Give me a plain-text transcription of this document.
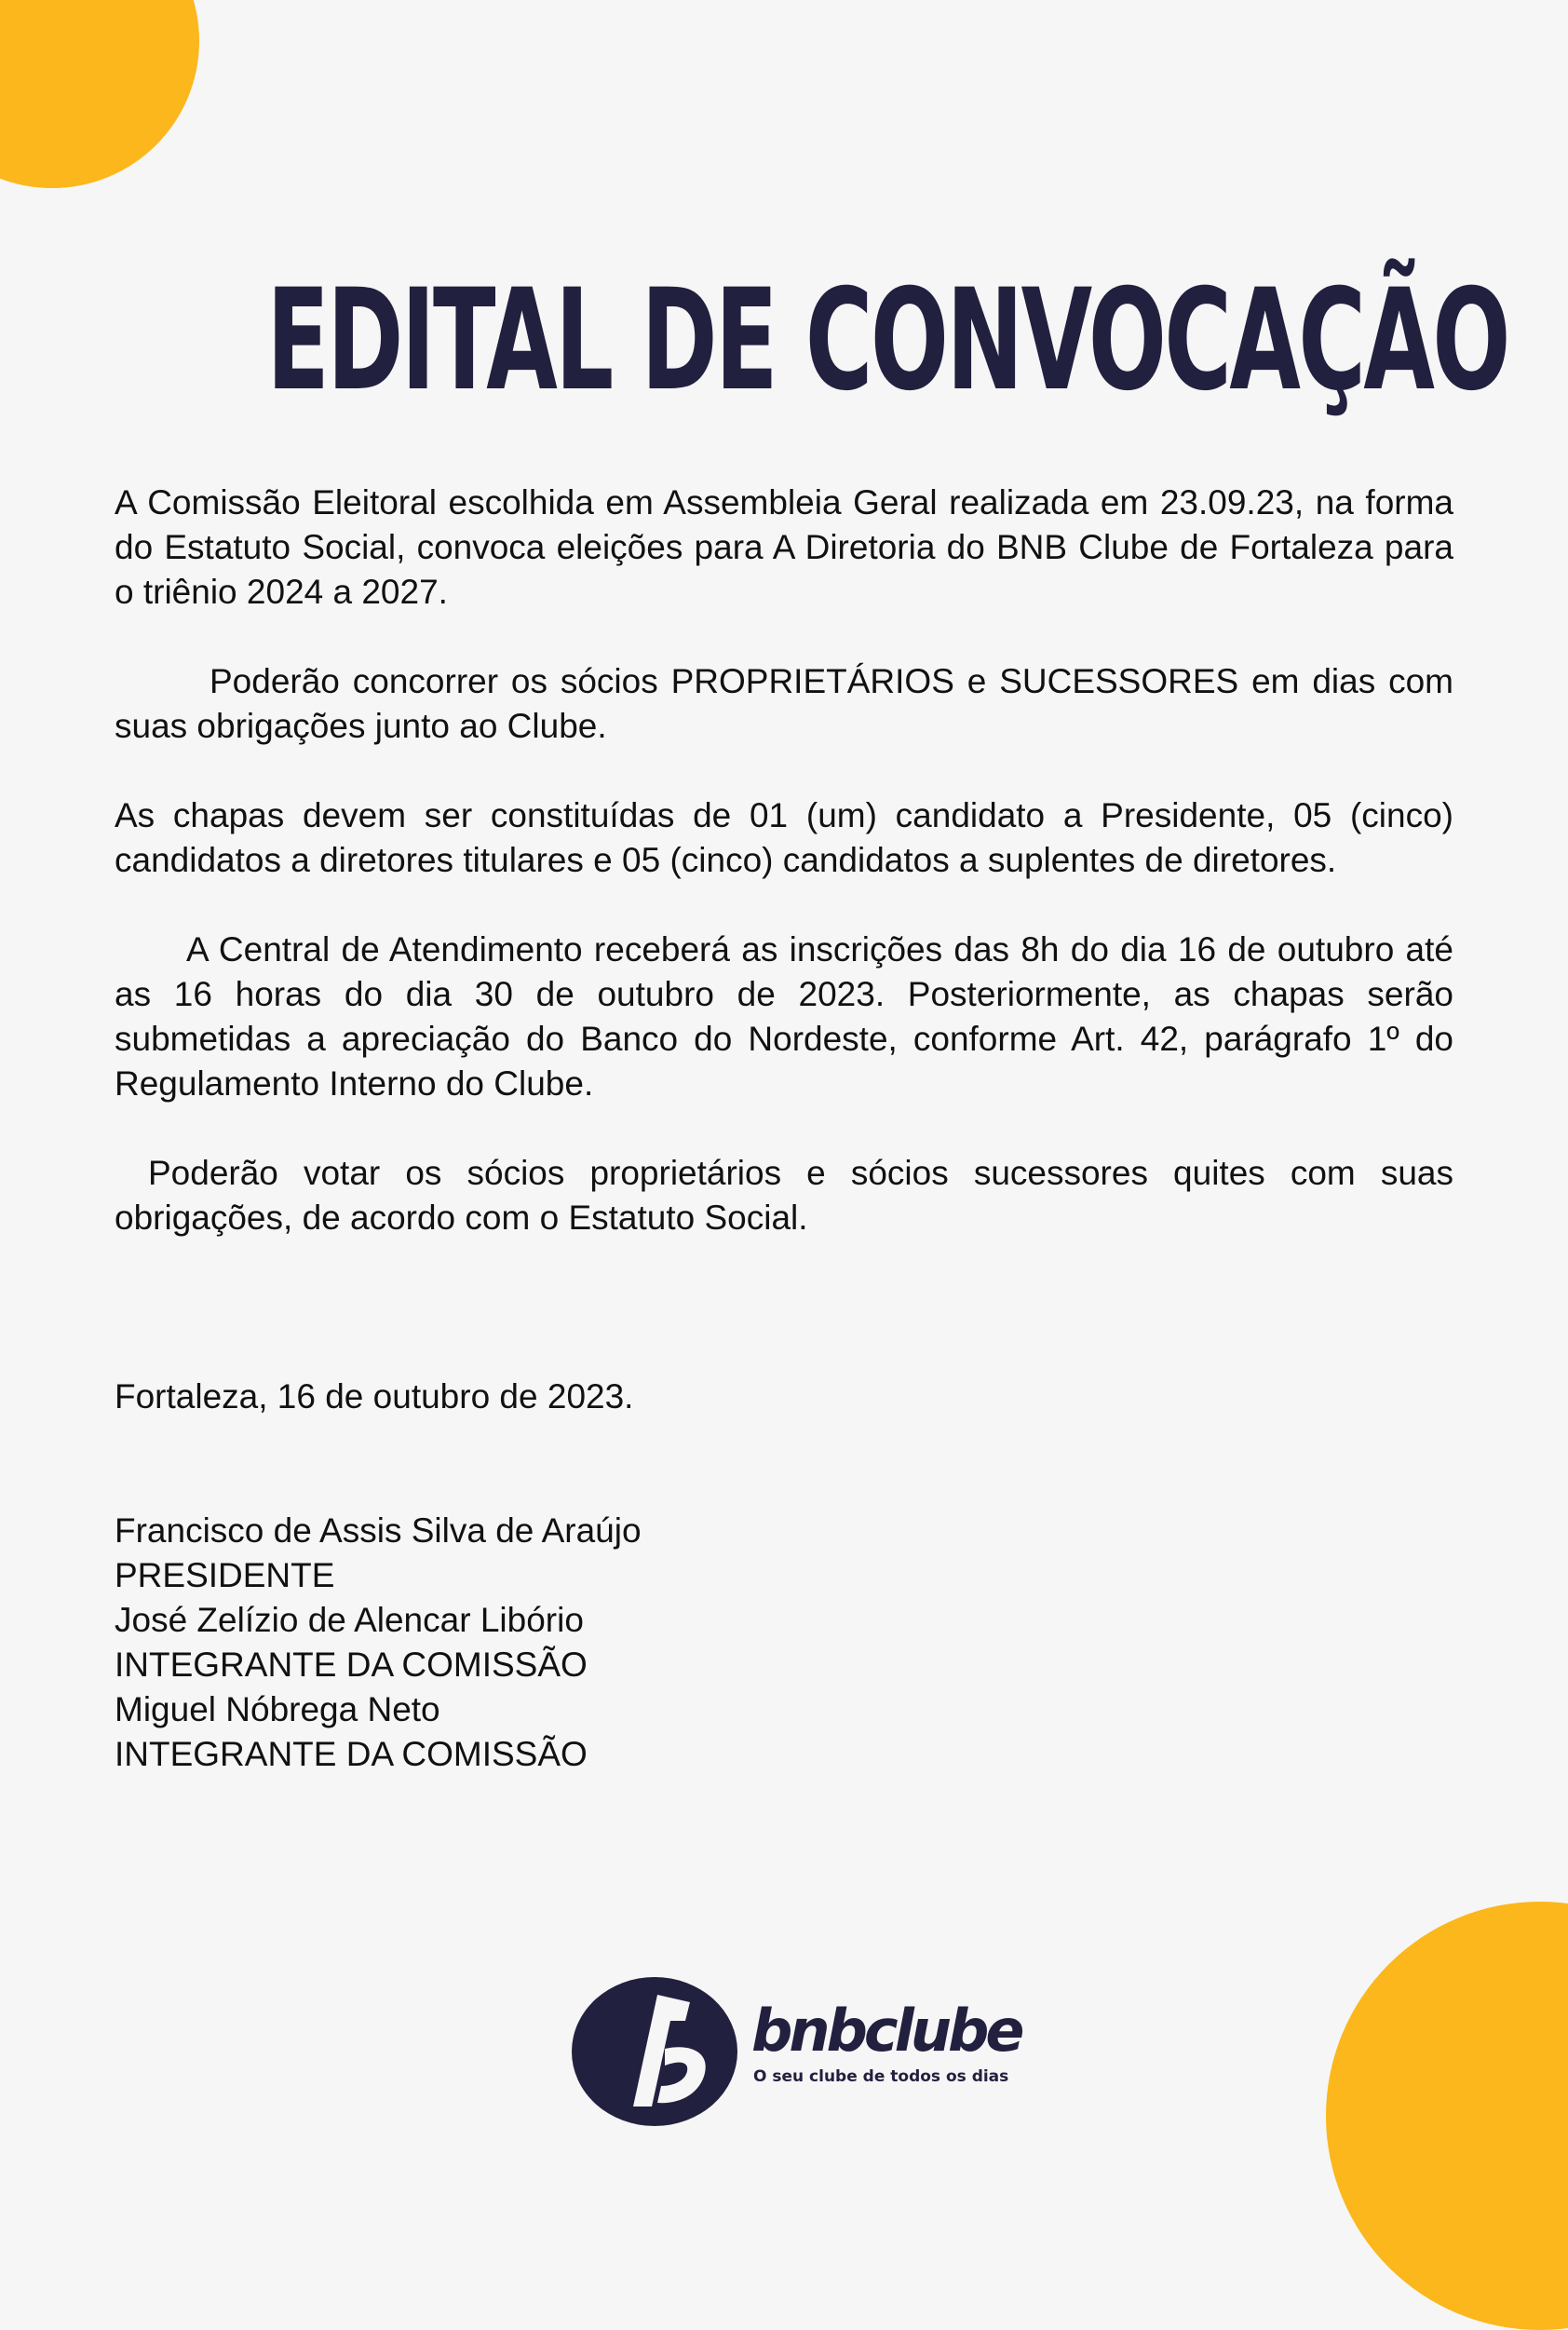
EDITAL DE CONVOCAÇÃO

A Comissão Eleitoral escolhida em Assembleia Geral realizada em 23.09.23, na forma do Estatuto Social, convoca eleições para A Diretoria do BNB Clube de Fortaleza para o triênio 2024 a 2027.

Poderão concorrer os sócios PROPRIETÁRIOS e SUCESSORES em dias com suas obrigações junto ao Clube.

As chapas devem ser constituídas de 01 (um) candidato a Presidente, 05 (cinco) candidatos a diretores titulares e 05 (cinco) candidatos a suplentes de diretores.

A Central de Atendimento receberá as inscrições das 8h do dia 16 de outubro até as 16 horas do dia 30 de outubro de 2023. Posteriormente, as chapas serão submetidas a apreciação do Banco do Nordeste, conforme Art. 42, parágrafo 1º do Regulamento Interno do Clube.

Poderão votar os sócios proprietários e sócios sucessores quites com suas obrigações, de acordo com o Estatuto Social.

Fortaleza, 16 de outubro de 2023.

Francisco de Assis Silva de Araújo
PRESIDENTE
José Zelízio de Alencar Libório
INTEGRANTE DA COMISSÃO
Miguel Nóbrega Neto
INTEGRANTE DA COMISSÃO
bnbclube
O seu clube de todos os dias
